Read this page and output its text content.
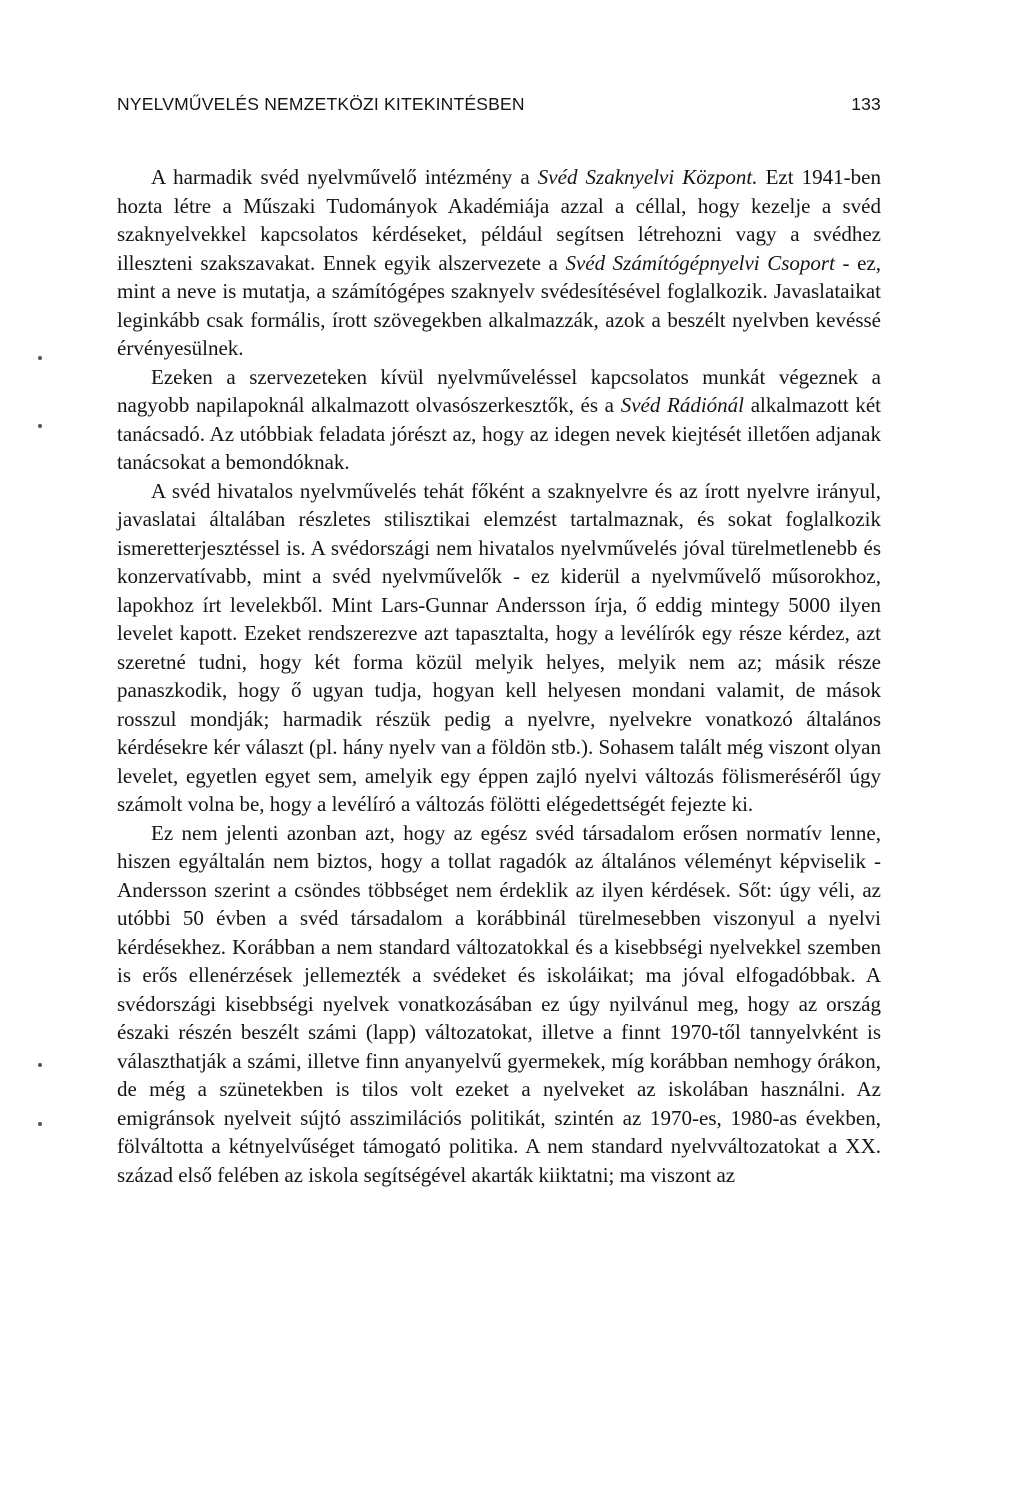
NYELVMŰVELÉS NEMZETKÖZI KITEKINTÉSBEN	133

A harmadik svéd nyelvművelő intézmény a Svéd Szaknyelvi Központ. Ezt 1941-ben hozta létre a Műszaki Tudományok Akadémiája azzal a céllal, hogy kezelje a svéd szaknyelvekkel kapcsolatos kérdéseket, például segítsen létrehozni vagy a svédhez illeszteni szakszavakat. Ennek egyik alszervezete a Svéd Számítógépnyelvi Csoport - ez, mint a neve is mutatja, a számítógépes szaknyelv svédesítésével foglalkozik. Javaslataikat leginkább csak formális, írott szövegekben alkalmazzák, azok a beszélt nyelvben kevéssé érvényesülnek.

Ezeken a szervezeteken kívül nyelvműveléssel kapcsolatos munkát végeznek a nagyobb napilapoknál alkalmazott olvasószerkesztők, és a Svéd Rádiónál alkalmazott két tanácsadó. Az utóbbiak feladata jórészt az, hogy az idegen nevek kiejtését illetően adjanak tanácsokat a bemondóknak.

A svéd hivatalos nyelvművelés tehát főként a szaknyelvre és az írott nyelvre irányul, javaslatai általában részletes stilisztikai elemzést tartalmaznak, és sokat foglalkozik ismeretterjesztéssel is. A svédországi nem hivatalos nyelvművelés jóval türelmetlenebb és konzervatívabb, mint a svéd nyelvművelők - ez kiderül a nyelvművelő műsorokhoz, lapokhoz írt levelekből. Mint Lars-Gunnar Andersson írja, ő eddig mintegy 5000 ilyen levelet kapott. Ezeket rendszerezve azt tapasztalta, hogy a levélírók egy része kérdez, azt szeretné tudni, hogy két forma közül melyik helyes, melyik nem az; másik része panaszkodik, hogy ő ugyan tudja, hogyan kell helyesen mondani valamit, de mások rosszul mondják; harmadik részük pedig a nyelvre, nyelvekre vonatkozó általános kérdésekre kér választ (pl. hány nyelv van a földön stb.). Sohasem talált még viszont olyan levelet, egyetlen egyet sem, amelyik egy éppen zajló nyelvi változás fölismeréséről úgy számolt volna be, hogy a levélíró a változás fölötti elégedettségét fejezte ki.

Ez nem jelenti azonban azt, hogy az egész svéd társadalom erősen normatív lenne, hiszen egyáltalán nem biztos, hogy a tollat ragadók az általános véleményt képviselik - Andersson szerint a csöndes többséget nem érdeklik az ilyen kérdések. Sőt: úgy véli, az utóbbi 50 évben a svéd társadalom a korábbinál türelmesebben viszonyul a nyelvi kérdésekhez. Korábban a nem standard változatokkal és a kisebbségi nyelvekkel szemben is erős ellenérzések jellemezték a svédeket és iskoláikat; ma jóval elfogadóbbak. A svédországi kisebbségi nyelvek vonatkozásában ez úgy nyilvánul meg, hogy az ország északi részén beszélt számi (lapp) változatokat, illetve a finnt 1970-től tannyelvként is választhatják a számi, illetve finn anyanyelvű gyermekek, míg korábban nemhogy órákon, de még a szünetekben is tilos volt ezeket a nyelveket az iskolában használni. Az emigránsok nyelveit sújtó asszimilációs politikát, szintén az 1970-es, 1980-as években, fölváltotta a kétnyelvűséget támogató politika. A nem standard nyelvváltozatokat a XX. század első felében az iskola segítségével akarták kiiktatni; ma viszont az
